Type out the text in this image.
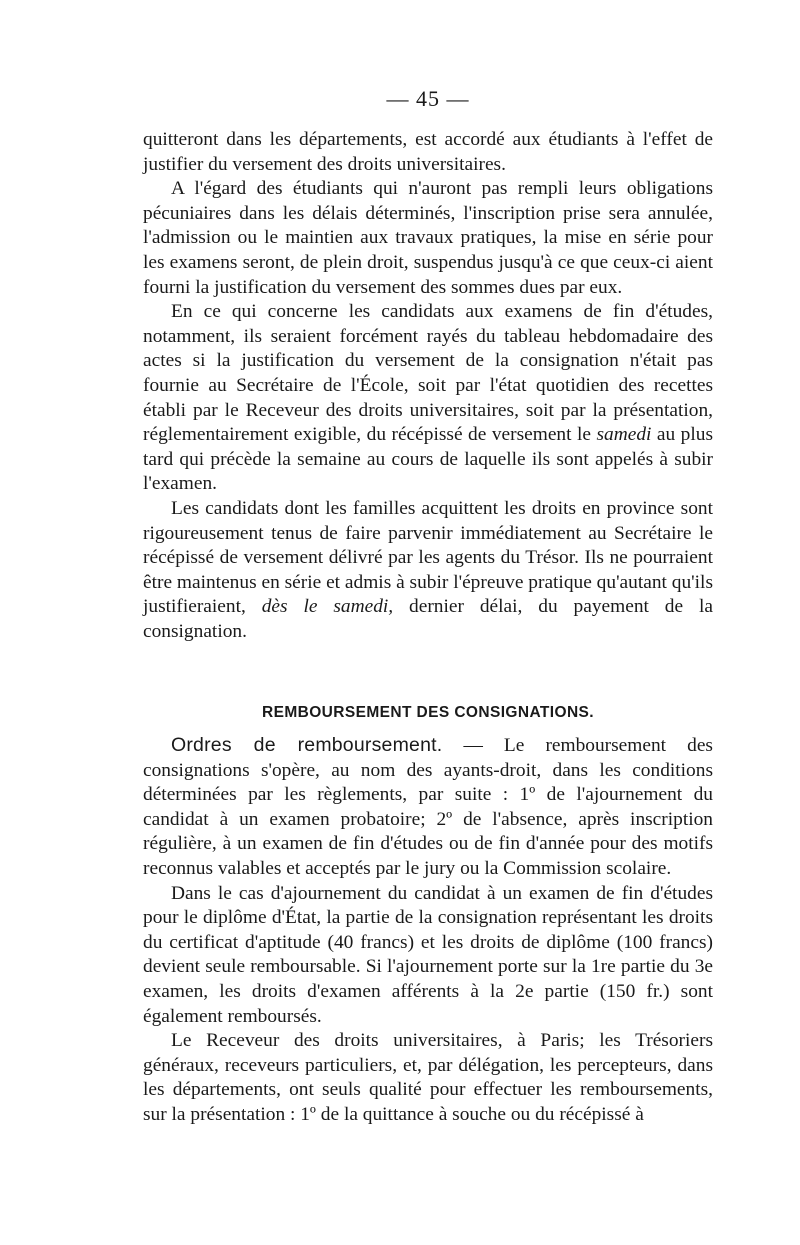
— 45 —

quitteront dans les départements, est accordé aux étudiants à l'effet de justifier du versement des droits universitaires.

A l'égard des étudiants qui n'auront pas rempli leurs obligations pécuniaires dans les délais déterminés, l'inscription prise sera annulée, l'admission ou le maintien aux travaux pratiques, la mise en série pour les examens seront, de plein droit, suspendus jusqu'à ce que ceux-ci aient fourni la justification du versement des sommes dues par eux.

En ce qui concerne les candidats aux examens de fin d'études, notamment, ils seraient forcément rayés du tableau hebdomadaire des actes si la justification du versement de la consignation n'était pas fournie au Secrétaire de l'École, soit par l'état quotidien des recettes établi par le Receveur des droits universitaires, soit par la présentation, réglementairement exigible, du récépissé de versement le samedi au plus tard qui précède la semaine au cours de laquelle ils sont appelés à subir l'examen.

Les candidats dont les familles acquittent les droits en province sont rigoureusement tenus de faire parvenir immédiatement au Secrétaire le récépissé de versement délivré par les agents du Trésor. Ils ne pourraient être maintenus en série et admis à subir l'épreuve pratique qu'autant qu'ils justifieraient, dès le samedi, dernier délai, du payement de la consignation.

REMBOURSEMENT DES CONSIGNATIONS.

Ordres de remboursement. — Le remboursement des consignations s'opère, au nom des ayants-droit, dans les conditions déterminées par les règlements, par suite : 1º de l'ajournement du candidat à un examen probatoire; 2º de l'absence, après inscription régulière, à un examen de fin d'études ou de fin d'année pour des motifs reconnus valables et acceptés par le jury ou la Commission scolaire.

Dans le cas d'ajournement du candidat à un examen de fin d'études pour le diplôme d'État, la partie de la consignation représentant les droits du certificat d'aptitude (40 francs) et les droits de diplôme (100 francs) devient seule remboursable. Si l'ajournement porte sur la 1re partie du 3e examen, les droits d'examen afférents à la 2e partie (150 fr.) sont également remboursés.

Le Receveur des droits universitaires, à Paris; les Trésoriers généraux, receveurs particuliers, et, par délégation, les percepteurs, dans les départements, ont seuls qualité pour effectuer les remboursements, sur la présentation : 1º de la quittance à souche ou du récépissé à
